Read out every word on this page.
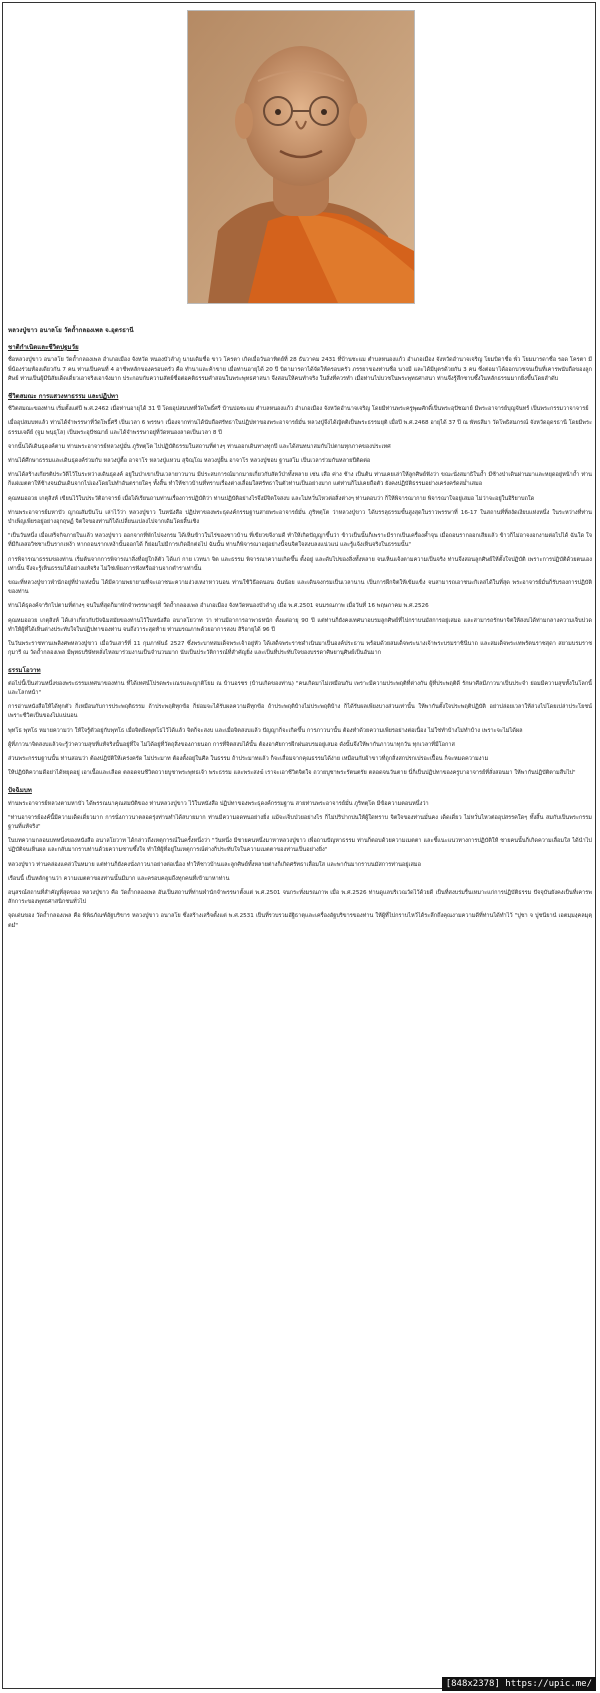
หลวงปู่ขาว อนาลโย วัดถ้ำกลองเพล จ.อุดรธานี
ชาติกำเนิดและชีวิตปฐมวัย

ชื่อหลวงปู่ขาว อนาลโย วัดถ้ำกลองเพล อำเภอเมือง จังหวัด หนองบัวลำภู นามเดิมชื่อ ขาว โครตา เกิดเมื่อวันอาทิตย์ที่ 28 ธันวาคม 2431 ที่บ้านชะแม ตำบลหนองแก้ว อำเภอเมือง จังหวัดอำนาจเจริญ โยมบิดาชื่อ พั่ว โยมมารดาชื่อ รอด โครตา มีพี่น้องร่วมท้องเดียวกัน 7 คน ท่านเป็นคนที่ 4 อาชีพหลักของครอบครัว คือ ทำนาและค้าขาย เมื่อท่านอายุได้ 20 ปี บิดามารดาได้จัดให้ครอบครัว ภรรยาของท่านชื่อ นางมี และได้มีบุตรด้วยกัน 3 คน ซึ่งต่อมาได้ออกบวชจนเป็นที่เคารพนับถือของลูกศิษย์ ท่านเป็นผู้มีนิสัยเด็ดเดี่ยวเอาจริงเอาจังมาก ประกอบกับความสัตย์ซื่อต่อคติธรรมคำสอนในพระพุทธศาสนา จึงสอนให้คนทำจริง ในสิ่งที่ควรทำ เมื่อท่านไปบวชในพระพุทธศาสนา ท่านจึงรู้สึกซาบซึ้งในหลักธรรมมากยิ่งขึ้นโดยลำดับ

ชีวิตสมณะ การแสวงหาธรรม และปฏิปทา

ชีวิตสมณะของท่าน เริ่มตั้งแต่ปี พ.ศ.2462 เมื่อท่านอายุได้ 31 ปี โดยอุปสมบทที่วัดโพธิ์ศรี บ้านบ่อชะแม ตำบลหนองแก้ว อำเภอเมือง จังหวัดอำนาจเจริญ โดยมีท่านพระครูพุฒศักดิ์เป็นพระอุปัชฌาย์ มีพระอาจารย์บุญจันทร์ เป็นพระกรรมวาจาจารย์

เมื่ออุปสมบทแล้ว ท่านได้จำพรรษาที่วัดโพธิ์ศรี เป็นเวลา 6 พรรษา เนื่องจากท่านได้นับถือศรัทธาในปฏิปทาของพระอาจารย์มั่น หลวงปู่จึงได้ญัตติเป็นพระธรรมยุติ เมื่อปี พ.ศ.2468 อายุได้ 37 ปี ณ พัทธสีมา วัดโพธิสมภรณ์ จังหวัดอุดรธานี โดยมีพระธรรมเจดีย์ (จูม พนฺธุโล) เป็นพระอุปัชฌาย์ และได้จำพรรษาอยู่ที่วัดหนองลาดเป็นเวลา 8 ปี

จากนั้นได้เดินธุดงค์ตาม ท่านพระอาจารย์หลวงปู่มั่น ภูริทตฺโต ไปปฏิบัติธรรมในสถานที่ต่างๆ ท่านออกเดินทางทุกปี และได้สนทนาสมกับไปตามทุกภาคของประเทศ

ท่านได้ศึกษาธรรมและเดินธุดงค์ร่วมกับ หลวงปู่ตื้อ อาจาโร หลวงปู่แหวน สุจิณฺโณ หลวงปู่ฝั้น อาจาโร หลวงปู่ชอบ ฐานสโม เป็นเวลาร่วมกันหลายปีติดต่อ

ท่านได้สร้างเกียรติประวัติไว้ในระหว่างเดินธุดงค์ อยู่ในป่าเขาเป็นเวลายาวนาน มีประสบการณ์มากมายเกี่ยวกับสัตว์ป่าทั้งหลาย เช่น เสือ ค่าง ช้าง เป็นต้น ท่านเคยเล่าให้ลูกศิษย์ฟังว่า ขณะนั่งสมาธิในถ้ำ มีช้างป่าเดินผ่านมาและหยุดอยู่หน้าถ้ำ ท่านก็แผ่เมตตาให้ช้างจนมันเดินจากไปเองโดยไม่ทำอันตรายใดๆ ทั้งสิ้น ทำให้ชาวบ้านที่ทราบเรื่องต่างเลื่อมใสศรัทธาในตัวท่านเป็นอย่างมาก แต่ท่านก็ไม่เคยถือตัว ยังคงปฏิบัติธรรมอย่างเคร่งครัดสม่ำเสมอ

คุณหมออวย เกตุสิงห์ เขียนไว้ในประวัติอาจารย์ เมื่อได้เรียนถามท่านเรื่องการปฏิบัติว่า ท่านปฏิบัติอย่างไรจึงมีจิตใจสงบ และไม่หวั่นไหวต่อสิ่งต่างๆ ท่านตอบว่า ก็ให้พิจารณากาย พิจารณาใจอยู่เสมอ ไม่ว่าจะอยู่ในอิริยาบถใด

ท่านพระอาจารย์มหาบัว ญาณสัมปันโน เล่าไว้ว่า หลวงปู่ขาว ในหนังสือ ปฏิปทาของพระธุดงค์กรรมฐานสายพระอาจารย์มั่น ภูริทตฺโต ว่าหลวงปู่ขาว ได้บรรลุธรรมขั้นสูงสุดในราวพรรษาที่ 16-17 ในสถานที่ที่สงัดเงียบแห่งหนึ่ง ในระหว่างที่ท่านบำเพ็ญเพียรอยู่อย่างอุกฤษฏ์ จิตใจของท่านก็ได้เปลี่ยนแปลงไปจากเดิมโดยสิ้นเชิง

"เป็นวันหนึ่ง เมื่อเสร็จกิจภายในแล้ว หลวงปู่ขาว ออกจากที่พักไปจงกรม ได้เห็นข้าวในไร่ของชาวบ้าน ที่เขียวขจีงามดี ทำให้เกิดปัญญาขึ้นว่า ข้าวเป็นนั้นก็เพราะมีรากเป็นเครื่องค้ำจุน เมื่อถอนรากออกเสียแล้ว ข้าวก็ไม่อาจงอกงามต่อไปได้ ฉันใด ใจที่มีกิเลสอวิชชาเป็นรากเหง้า หากถอนรากเหง้านั้นออกได้ ก็ย่อมไม่มีการเกิดอีกต่อไป ฉันนั้น ท่านก็พิจารณาอยู่อย่างนี้จนจิตใจสงบลงแน่วแน่ และรู้แจ้งเห็นจริงในธรรมนั้น"

การพิจารณาธรรมของท่าน เริ่มต้นจากการพิจารณาสิ่งที่อยู่ใกล้ตัว ได้แก่ กาย เวทนา จิต และธรรม พิจารณาความเกิดขึ้น ตั้งอยู่ และดับไปของสิ่งทั้งหลาย จนเห็นแจ้งตามความเป็นจริง ท่านจึงสอนลูกศิษย์ให้ตั้งใจปฏิบัติ เพราะการปฏิบัติด้วยตนเองเท่านั้น จึงจะรู้เห็นธรรมได้อย่างแท้จริง ไม่ใช่เพียงการฟังหรืออ่านจากตำราเท่านั้น

ขณะที่หลวงปู่ขาวพำนักอยู่ที่ป่าแห่งนั้น ได้มีความพยายามที่จะเอาชนะความง่วงเหงาหาวนอน ท่านใช้วิธีอดนอน ฉันน้อย และเดินจงกรมเป็นเวลานาน เป็นการฝึกจิตให้เข้มแข็ง จนสามารถเอาชนะกิเลสได้ในที่สุด พระอาจารย์มั่นก็รับรองการปฏิบัติของท่าน

ท่านได้ธุดงค์จาริกไปตามที่ต่างๆ จนในที่สุดก็มาพักจำพรรษาอยู่ที่ วัดถ้ำกลองเพล อำเภอเมือง จังหวัดหนองบัวลำภู เมื่อ พ.ศ.2501 จนมรณภาพ เมื่อวันที่ 16 พฤษภาคม พ.ศ.2526

คุณหมออวย เกตุสิงห์ ได้เล่าเกี่ยวกับปัจฉิมสมัยของท่านไว้ในหนังสือ อนาลโยวาท ว่า ท่านมีอาการอาพาธหนัก ตั้งแต่อายุ 90 ปี แต่ท่านก็ยังคงเทศนาอบรมลูกศิษย์ที่ไปกราบนมัสการอยู่เสมอ และสามารถรักษาจิตให้สงบได้ท่ามกลางความเจ็บปวด ทำให้ผู้ที่ได้เห็นต่างประทับใจในปฏิปทาของท่าน จนถึงวาระสุดท้าย ท่านมรณภาพด้วยอาการสงบ สิริอายุได้ 96 ปี

ในวันพระราชทานเพลิงศพหลวงปู่ขาว เมื่อวันเสาร์ที่ 11 กุมภาพันธ์ 2527 ซึ่งพระบาทสมเด็จพระเจ้าอยู่หัว ได้เสด็จพระราชดำเนินมาเป็นองค์ประธาน พร้อมด้วยสมเด็จพระนางเจ้าพระบรมราชินีนาถ และสมเด็จพระเทพรัตนราชสุดา สยามบรมราชกุมารี ณ วัดถ้ำกลองเพล มีพุทธบริษัทหลั่งไหลมาร่วมงานเป็นจำนวนมาก นับเป็นประวัติการณ์ที่สำคัญยิ่ง และเป็นที่ประทับใจของบรรดาศิษยานุศิษย์เป็นอันมาก

ธรรมโอวาท

ต่อไปนี้เป็นส่วนหนึ่งของพระธรรมเทศนาของท่าน ที่ได้เทศน์โปรดพระเณรและญาติโยม ณ บ้านอรชร (บ้านเกิดของท่าน) "คนเกิดมาไม่เหมือนกัน เพราะมีความประพฤติที่ต่างกัน ผู้ที่ประพฤติดี รักษาศีลมีภาวนาเป็นประจำ ย่อมมีความสุขทั้งในโลกนี้และโลกหน้า"

การอ่านหนังสือให้ได้ทุกตัว ก็เหมือนกับการประพฤติธรรม ถ้าประพฤติทุกข้อ ก็ย่อมจะได้รับผลความดีทุกข้อ ถ้าประพฤติบ้างไม่ประพฤติบ้าง ก็ได้รับผลเพียงบางส่วนเท่านั้น ให้พากันตั้งใจประพฤติปฏิบัติ อย่าปล่อยเวลาให้ล่วงไปโดยเปล่าประโยชน์ เพราะชีวิตเป็นของไม่แน่นอน

พุทโธ พุทโธ หมายความว่า ให้ใจรู้ตัวอยู่กับพุทโธ เมื่อจิตยึดพุทโธไว้ได้แล้ว จิตก็จะสงบ และเมื่อจิตสงบแล้ว ปัญญาก็จะเกิดขึ้น การภาวนานั้น ต้องทำด้วยความเพียรอย่างต่อเนื่อง ไม่ใช่ทำบ้างไม่ทำบ้าง เพราะจะไม่ได้ผล

ผู้ที่ภาวนาจิตสงบแล้วจะรู้ว่าความสุขที่แท้จริงนั้นอยู่ที่ใจ ไม่ได้อยู่ที่วัตถุสิ่งของภายนอก การที่จิตสงบได้นั้น ต้องอาศัยการฝึกฝนอบรมอยู่เสมอ ดังนั้นจึงให้พากันภาวนาทุกวัน ทุกเวลาที่มีโอกาส

ส่วนพระกรรมฐานนั้น ท่านสอนว่า ต้องปฏิบัติให้เคร่งครัด ไม่ประมาท ต้องตั้งอยู่ในศีล ในธรรม ถ้าประมาทแล้ว ก็จะเสื่อมจากคุณธรรมได้ง่าย เหมือนกับผ้าขาวที่ถูกสิ่งสกปรกเปรอะเปื้อน ก็จะหมดความงาม

ให้ปฏิบัติความดีอย่าได้หยุดอยู่ เอาเนื้อและเลือด ตลอดจนชีวิตถวายบูชาพระพุทธเจ้า พระธรรม และพระสงฆ์ เราจะเอาชีวิตจิตใจ ถวายบูชาพระรัตนตรัย ตลอดจนวันตาย นี่ก็เป็นปฏิปทาของครูบาอาจารย์ที่สั่งสอนมา ให้พากันปฏิบัติตามสืบไป"

ปัจฉิมบท

ท่านพระอาจารย์หลวงตามหาบัว ได้พรรณนาคุณสมบัติของ ท่านหลวงปู่ขาว ไว้ในหนังสือ ปฏิปทาของพระธุดงค์กรรมฐาน สายท่านพระอาจารย์มั่น ภูริทตฺโต มีข้อความตอนหนึ่งว่า

"ท่านอาจารย์องค์นี้มีความเด็ดเดี่ยวมาก การนั่งภาวนาตลอดรุ่งท่านทำได้สบายมาก ท่านมีความอดทนอย่างยิ่ง แม้จะเจ็บป่วยอย่างไร ก็ไม่ปริปากบ่นให้ผู้ใดทราบ จิตใจของท่านมั่นคง เด็ดเดี่ยว ไม่หวั่นไหวต่ออุปสรรคใดๆ ทั้งสิ้น สมกับเป็นพระกรรมฐานที่แท้จริง"

ในบทความกลอนบทหนึ่งของหนังสือ อนาลโยวาท ได้กล่าวถึงเหตุการณ์ในครั้งหนึ่งว่า "วันหนึ่ง มีชายคนหนึ่งมาหาหลวงปู่ขาว เพื่อถามปัญหาธรรม ท่านก็ตอบด้วยความเมตตา และชี้แนะแนวทางการปฏิบัติให้ ชายคนนั้นก็เกิดความเลื่อมใส ได้นำไปปฏิบัติจนเห็นผล และกลับมากราบท่านด้วยความซาบซึ้งใจ ทำให้ผู้ที่อยู่ในเหตุการณ์ต่างก็ประทับใจในความเมตตาของท่านเป็นอย่างยิ่ง"

หลวงปู่ขาว ท่านคล่องแคล่วในหมาย แต่ท่านก็ยังคงนั่งภาวนาอย่างต่อเนื่อง ทำให้ชาวบ้านและลูกศิษย์ทั้งหลายต่างก็เกิดศรัทธาเลื่อมใส และพากันมากราบนมัสการท่านอยู่เสมอ

เรือนนี้ เป็นหลักฐานว่า ความเมตตาของท่านนั้นมีมาก และครอบคลุมถึงทุกคนที่เข้ามาหาท่าน

อนุสรณ์สถานที่สำคัญที่สุดของ หลวงปู่ขาว คือ วัดถ้ำกลองเพล อันเป็นสถานที่ท่านพำนักจำพรรษาตั้งแต่ พ.ศ.2501 จนกระทั่งมรณภาพ เมื่อ พ.ศ.2526 ท่านดูแลบริเวณวัดไว้ด้วยดี เป็นที่สงบร่มรื่นเหมาะแก่การปฏิบัติธรรม ปัจจุบันยังคงเป็นที่เคารพสักการะของพุทธศาสนิกชนทั่วไป

จุดเด่นของ วัดถ้ำกลองเพล คือ พิพิธภัณฑ์อัฐบริขาร หลวงปู่ขาว อนาลโย ซึ่งสร้างเสร็จตั้งแต่ พ.ศ.2531 เป็นที่รวบรวมอัฐิธาตุและเครื่องอัฐบริขารของท่าน ให้ผู้ที่ไปกราบไหว้ได้ระลึกถึงคุณงามความดีที่ท่านได้ทำไว้ "ปูชา จ ปูชนียานํ เอตมฺมงฺคลมุตฺตมํ"

[848x2378] https://upic.me/
